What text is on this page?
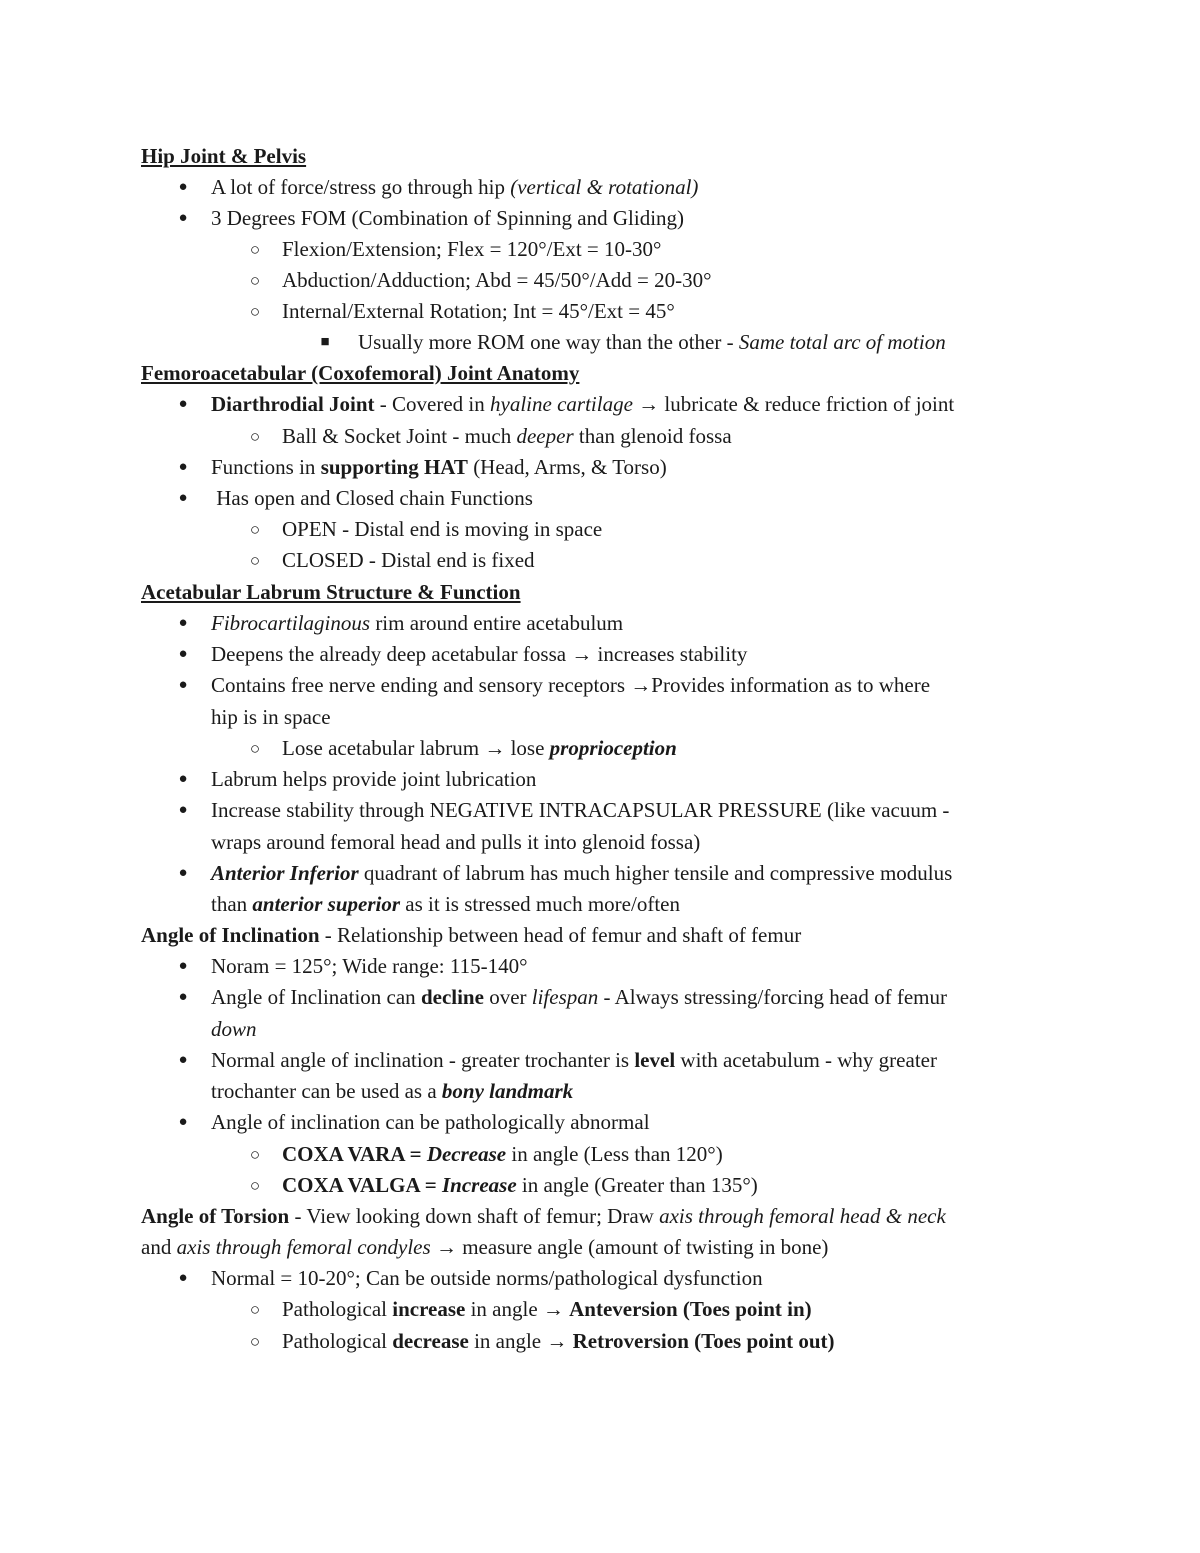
Hip Joint & Pelvis
● A lot of force/stress go through hip (vertical & rotational)
● 3 Degrees FOM (Combination of Spinning and Gliding)
○ Flexion/Extension; Flex = 120°/Ext = 10-30°
○ Abduction/Adduction; Abd = 45/50°/Add = 20-30°
○ Internal/External Rotation; Int = 45°/Ext = 45°
■ Usually more ROM one way than the other - Same total arc of motion
Femoroacetabular (Coxofemoral) Joint Anatomy
● Diarthrodial Joint - Covered in hyaline cartilage → lubricate & reduce friction of joint
○ Ball & Socket Joint - much deeper than glenoid fossa
● Functions in supporting HAT (Head, Arms, & Torso)
● Has open and Closed chain Functions
○ OPEN - Distal end is moving in space
○ CLOSED - Distal end is fixed
Acetabular Labrum Structure & Function
● Fibrocartilaginous rim around entire acetabulum
● Deepens the already deep acetabular fossa → increases stability
● Contains free nerve ending and sensory receptors →Provides information as to where
hip is in space
○ Lose acetabular labrum → lose proprioception
● Labrum helps provide joint lubrication
● Increase stability through NEGATIVE INTRACAPSULAR PRESSURE (like vacuum -
wraps around femoral head and pulls it into glenoid fossa)
● Anterior Inferior quadrant of labrum has much higher tensile and compressive modulus
than anterior superior as it is stressed much more/often
Angle of Inclination - Relationship between head of femur and shaft of femur
● Noram = 125°; Wide range: 115-140°
● Angle of Inclination can decline over lifespan - Always stressing/forcing head of femur
down
● Normal angle of inclination - greater trochanter is level with acetabulum - why greater
trochanter can be used as a bony landmark
● Angle of inclination can be pathologically abnormal
○ COXA VARA = Decrease in angle (Less than 120°)
○ COXA VALGA = Increase in angle (Greater than 135°)
Angle of Torsion - View looking down shaft of femur; Draw axis through femoral head & neck
and axis through femoral condyles → measure angle (amount of twisting in bone)
● Normal = 10-20°; Can be outside norms/pathological dysfunction
○ Pathological increase in angle → Anteversion (Toes point in)
○ Pathological decrease in angle → Retroversion (Toes point out)
